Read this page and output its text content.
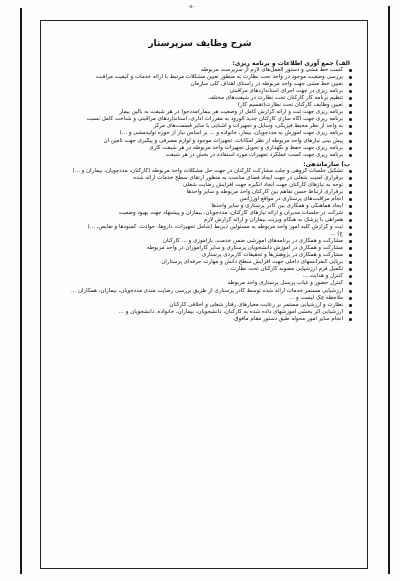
-۸-
شرح وظایف سرپرستار
الف) جمع آوری اطلاعات و برنامه ریزی:
کسب خط مشی و دستور العمل‌های لازم از سرپرست مربوطه
بررسی وضعیت موجود در واحد تحت نظارت به منظور تعیین مشکلات مرتبط با ارائه خدمات و کیفیت مراقبت
تعیین خط مشی جهت واحد مربوطه در راستای اهداف کلی سازمان
برنامه ریزی در جهت اجرای استانداردهای مراقبتی
تنظیم برنامه کار کارکنان تحت نظارت در شیفت‌های مختلف
تعیین وظایف کارکنان تحت نظارت(تقسیم کار)
برنامه ریزی جهت ثبت و ارائه گزارش کامل از وضعیت هر بیمار)مددجو( در هر شیفت به بالین بیمار
برنامه ریزی جهت آگاه سازی کارکنان جدید الورود به مقررات اداری، استانداردهای مراقبتی و شناخت کامل نسبت
به واحد از نظر محیط فیزیکی، وسایل و تجهیزات و آشنایی با سایر قسمت‌های مرکز
برنامه ریزی جهت آموزش به مددجویان، بیمار، خانواده و ... بر اساس نیاز از حوزه تولیدمشی و ...)
پیش بینی نیازهای واحد مربوطه از نظر امکانات، تجهیزات موجود و لوازم مصرفی و پیگیری جهت تأمین آن
برنامه ریزی جهت حفظ و نگهداری و تحویل تجهیزات واحد مربوطه در هر شیفت کاری
برنامه ریزی جهت کسب عملکرد تجهیزات مورد استفاده در بخش در هر شیفت
ب) سازماندهی:
تشکیل جلسات گروهی و جلب مشارکت کارکنان در جهت حل مشکلات واحد مربوطه (کارکنان، مددجویان، بیماران و ...)
برقراری امنیت شغلی در جهت ایجاد فضای مناسب به منظور ارتقای سطح خدمات ارائه شده
توجه به نیازهای کارکنان جهت ایجاد انگیزه جهت افزایش رضایت شغلی
برقراری ارتباط حسن تفاهم بین کارکنان واحد مربوطه و سایر واحدها
انجام مراقبت‌های پرستاری در مواقع اورژانس
ایجاد هماهنگی و همکاری بین کادر پرستاری و سایر واحدها
شرکت در جلسات مدیران و ارائه نیازهای کارکنان، مددجویان، بیماران و پیشنهاد جهت بهبود وضعیت
همراهی با پزشک به هنگام ویزیت بیماران و ارائه گزارش لازم
ثبت و گزارش کلیه امور واحد مربوطه به مسئولین ذیربط (شامل تجهیزات، داروها، حوادث، کمبودها و نقایص، ...)
ج) ...
مشارکت و همکاری در برنامه‌های آموزشی ضمن خدمت، بازآموزی و ... کارکنان
مشارکت و همکاری در آموزش دانشجویان پرستاری و سایر کارآموزان در واحد مربوطه
مشارکت و همکاری در پژوهش‌ها و تحقیقات کاربردی پرستاری
برپایی کنفرانسهای داخلی جهت افزایش سطح دانش و مهارت حرفه‌ای پرستاران
تکمیل فرم ارزشیابی مصوبه کارکنان تحت نظارت...
کنترل و هدایت ...
کنترل حضور و غیاب پرسنل پرستاری واحد مربوطه
ارزشیابی مستمر خدمات ارائه شده توسط کادر پرستاری از طریق بررسی رضایت مندی مددجویان، بیماران، همکاران ...
ملاحظه چک لیست و ...
نظارت و ارزشیابی مستمر بر رعایت معیارهای رفتار شغلی و اخلاقی کارکنان
ارزشیابی اثر بخشی آموزشهای داده شده به کارکنان، دانشجویان، بیماران، خانواده، دانشجویان و ...
انجام سایر امور محوله طبق دستور مقام مافوق
